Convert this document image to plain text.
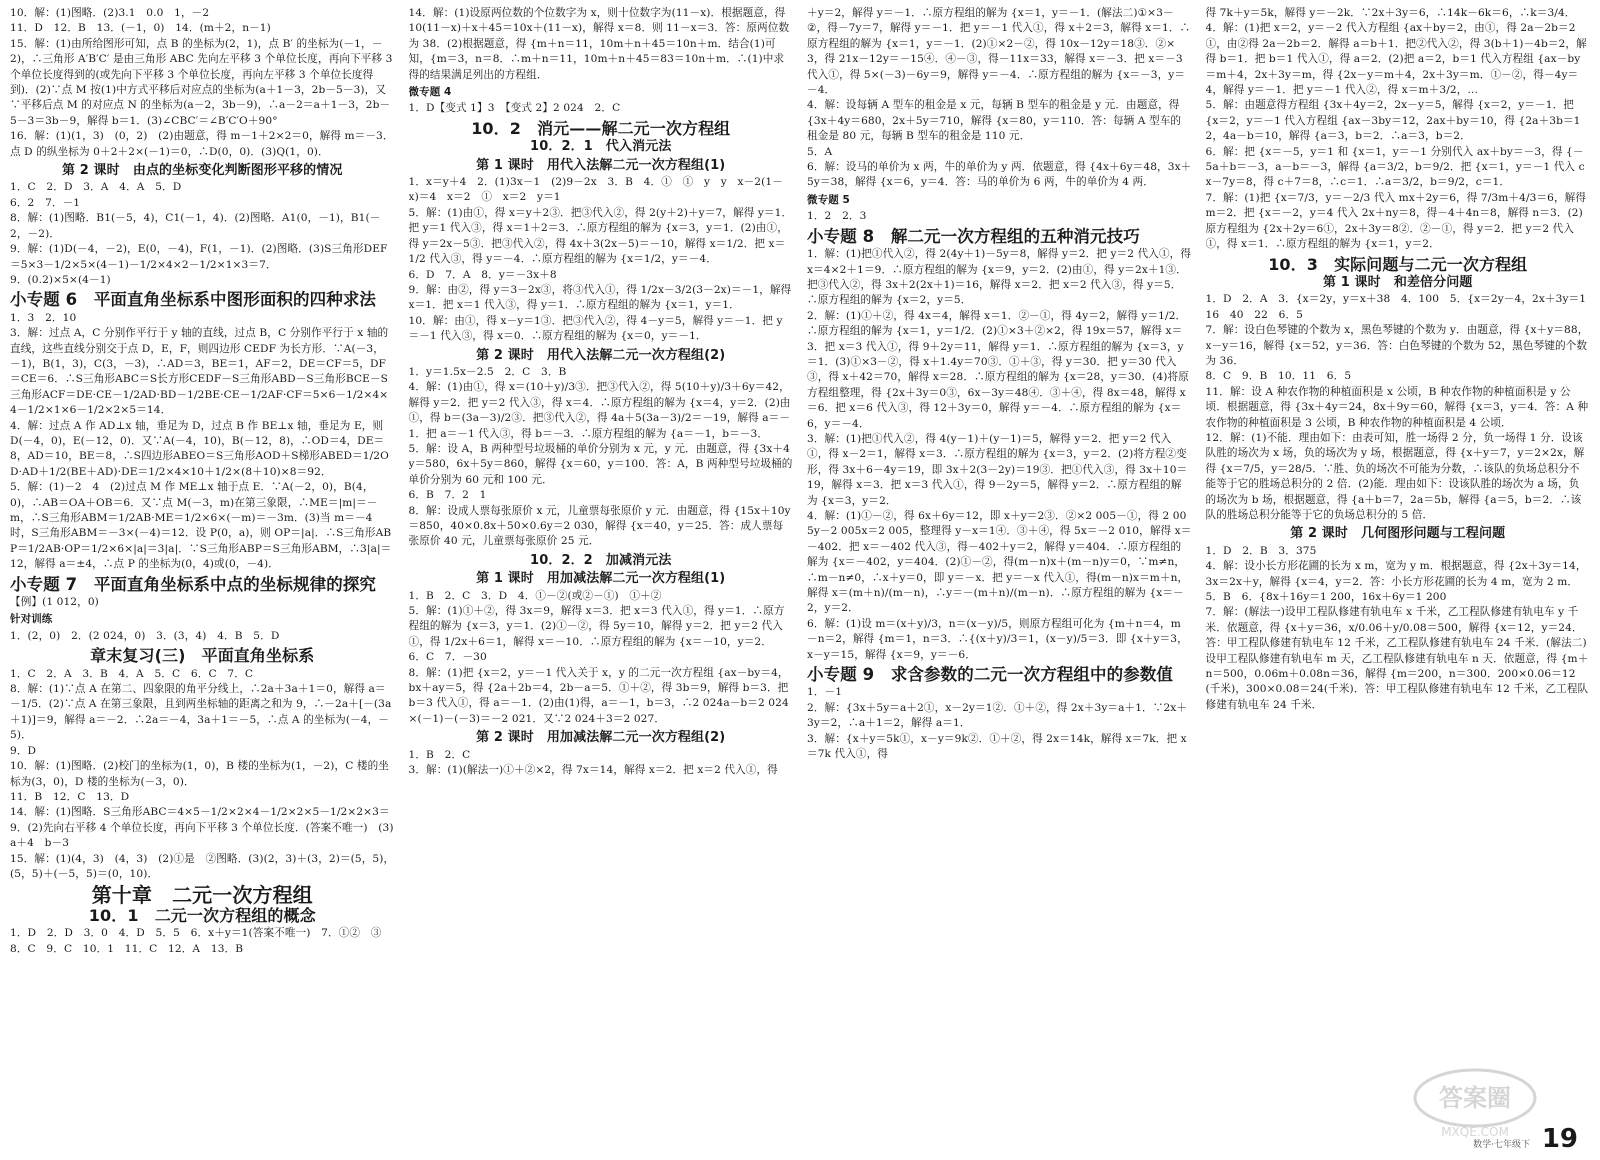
10．解：(1)图略．(2)3.1　0.0　1，－2
11．D　12．B　13．(－1，0)　14．(m＋2，n－1)
15．解：(1)由所给图形可知，点 B 的坐标为(2，1)，点 B′ 的坐标为(－1，－2)，∴三角形 A′B′C′ 是由三角形 ABC 先向左平移 3 个单位长度，再向下平移 3 个单位长度得到的(或先向下平移 3 个单位长度，再向左平移 3 个单位长度得到)．(2)∵点 M 按(1)中方式平移后对应点的坐标为(a＋1－3，2b－5－3)，又∵平移后点 M 的对应点 N 的坐标为(a－2，3b－9)，∴a－2＝a＋1－3，2b－5－3＝3b－9，解得 b＝1．(3)∠CBC′＝∠B′C′O＋90°
16．解：(1)(1，3)　(0，2)　(2)由题意，得 m－1＋2×2＝0，解得 m＝－3．点 D 的纵坐标为 0＋2＋2×(－1)＝0，∴D(0，0)．(3)Q(1，0)．
第 2 课时　由点的坐标变化判断图形平移的情况
1．C　2．D　3．A　4．A　5．D
6．2　7．－1
8．解：(1)图略．B1(－5，4)，C1(－1，4)．(2)图略．A1(0，－1)，B1(－2，－2)．
9．解：(1)D(－4，－2)，E(0，－4)，F(1，－1)．(2)图略．(3)S三角形DEF＝5×3－1/2×5×(4－1)－1/2×4×2－1/2×1×3＝7．
9．(0.2)×5×(4－1)
小专题 6　平面直角坐标系中图形面积的四种求法
1．3　2．10
3．解：过点 A，C 分别作平行于 y 轴的直线，过点 B，C 分别作平行于 x 轴的直线，这些直线分别交于点 D，E，F，则四边形 CEDF 为长方形．∵A(－3，－1)，B(1，3)，C(3，－3)，∴AD＝3，BE＝1，AF＝2，DE＝CF＝5，DF＝CE＝6．∴S三角形ABC＝S长方形CEDF－S三角形ABD－S三角形BCE－S三角形ACF＝DE·CE－1/2AD·BD－1/2BE·CE－1/2AF·CF＝5×6－1/2×4×4－1/2×1×6－1/2×2×5＝14．
4．解：过点 A 作 AD⊥x 轴，垂足为 D，过点 B 作 BE⊥x 轴，垂足为 E，则 D(－4，0)，E(－12，0)．又∵A(－4，10)，B(－12，8)，∴OD＝4，DE＝8，AD＝10，BE＝8，∴S四边形ABEO＝S三角形AOD＋S梯形ABED＝1/2OD·AD＋1/2(BE＋AD)·DE＝1/2×4×10＋1/2×(8＋10)×8＝92．
5．解：(1)－2　4　(2)过点 M 作 ME⊥x 轴于点 E．∵A(－2，0)，B(4，0)，∴AB＝OA＋OB＝6．又∵点 M(－3，m)在第三象限，∴ME＝|m|＝－m，∴S三角形ABM＝1/2AB·ME＝1/2×6×(－m)＝－3m．(3)当 m＝－4 时，S三角形ABM＝－3×(－4)＝12．设 P(0，a)，则 OP＝|a|．∴S三角形ABP＝1/2AB·OP＝1/2×6×|a|＝3|a|．∵S三角形ABP＝S三角形ABM，∴3|a|＝12，解得 a＝±4，∴点 P 的坐标为(0，4)或(0，－4)．
小专题 7　平面直角坐标系中点的坐标规律的探究
【例】(1 012，0)
针对训练
1．(2，0)　2．(2 024，0)　3．(3，4)　4．B　5．D
章末复习(三)　平面直角坐标系
1．C　2．A　3．B　4．A　5．C　6．C　7．C
8．解：(1)∵点 A 在第二、四象限的角平分线上，∴2a＋3a＋1＝0，解得 a＝－1/5．(2)∵点 A 在第三象限，且到两坐标轴的距离之和为 9，∴－2a＋[－(3a＋1)]＝9，解得 a＝－2．∴2a＝－4，3a＋1＝－5，∴点 A 的坐标为(－4，－5)．
9．D
10．解：(1)图略．(2)校门的坐标为(1，0)，B 楼的坐标为(1，－2)，C 楼的坐标为(3，0)，D 楼的坐标为(－3，0)．
11．B　12．C　13．D
14．解：(1)图略．S三角形ABC＝4×5－1/2×2×4－1/2×2×5－1/2×2×3＝9．(2)先向右平移 4 个单位长度，再向下平移 3 个单位长度．(答案不唯一)　(3)a＋4　b－3
15．解：(1)(4，3)　(4，3)　(2)①是　②图略．(3)(2，3)＋(3，2)＝(5，5)，(5，5)＋(－5，5)＝(0，10)．
第十章　二元一次方程组
10．1　二元一次方程组的概念
1．D　2．D　3．0　4．D　5．5　6．x＋y＝1(答案不唯一)　7．①②　③　8．C　9．C　10．1　11．C　12．A　13．B
14．解：(1)设原两位数的个位数字为 x，则十位数字为(11－x)．根据题意，得 10(11－x)＋x＋45＝10x＋(11－x)，解得 x＝8．则 11－x＝3．答：原两位数为 38．(2)根据题意，得 {m＋n＝11，10m＋n＋45＝10n＋m．结合(1)可知，{m＝3，n＝8．∴m＋n＝11，10m＋n＋45＝83＝10n＋m．∴(1)中求得的结果满足列出的方程组．
微专题 4
1．D【变式 1】3　【变式 2】2 024　2．C
10．2　消元——解二元一次方程组
10．2．1　代入消元法
第 1 课时　用代入法解二元一次方程组(1)
1．x＝y＋4　2．(1)3x－1　(2)9－2x　3．B　4．①　①　y　y　x－2(1－x)＝4　x＝2　①　x＝2　y＝1
5．解：(1)由①，得 x＝y＋2③．把③代入②，得 2(y＋2)＋y＝7，解得 y＝1．把 y＝1 代入③，得 x＝1＋2＝3．∴原方程组的解为 {x＝3，y＝1．(2)由①，得 y＝2x－5③．把③代入②，得 4x＋3(2x－5)＝－10，解得 x＝1/2．把 x＝1/2 代入③，得 y＝－4．∴原方程组的解为 {x＝1/2，y＝－4．
6．D　7．A　8．y＝－3x＋8
9．解：由②，得 y＝3－2x③，将③代入①，得 1/2x－3/2(3－2x)＝－1，解得 x＝1．把 x＝1 代入③，得 y＝1．∴原方程组的解为 {x＝1，y＝1．
10．解：由①，得 x－y＝1③．把③代入②，得 4－y＝5，解得 y＝－1．把 y＝－1 代入③，得 x＝0．∴原方程组的解为 {x＝0，y＝－1．
第 2 课时　用代入法解二元一次方程组(2)
1．y＝1.5x－2.5　2．C　3．B
4．解：(1)由①，得 x＝(10＋y)/3③．把③代入②，得 5(10＋y)/3＋6y＝42，解得 y＝2．把 y＝2 代入③，得 x＝4．∴原方程组的解为 {x＝4，y＝2．(2)由①，得 b＝(3a－3)/2③．把③代入②，得 4a＋5(3a－3)/2＝－19，解得 a＝－1．把 a＝－1 代入③，得 b＝－3．∴原方程组的解为 {a＝－1，b＝－3．
5．解：设 A，B 两种型号垃圾桶的单价分别为 x 元，y 元．由题意，得 {3x＋4y＝580，6x＋5y＝860，解得 {x＝60，y＝100．答：A，B 两种型号垃圾桶的单价分别为 60 元和 100 元．
6．B　7．2　1
8．解：设成人票每张原价 x 元，儿童票每张原价 y 元．由题意，得 {15x＋10y＝850，40×0.8x＋50×0.6y＝2 030，解得 {x＝40，y＝25．答：成人票每张原价 40 元，儿童票每张原价 25 元．
10．2．2　加减消元法
第 1 课时　用加减法解二元一次方程组(1)
1．B　2．C　3．D　4．①－②(或②－①)　①＋②
5．解：(1)①＋②，得 3x＝9，解得 x＝3．把 x＝3 代入①，得 y＝1．∴原方程组的解为 {x＝3，y＝1．(2)①－②，得 5y＝10，解得 y＝2．把 y＝2 代入①，得 1/2x＋6＝1，解得 x＝－10．∴原方程组的解为 {x＝－10，y＝2．
6．C　7．－30
8．解：(1)把 {x＝2，y＝－1 代入关于 x，y 的二元一次方程组 {ax－by＝4，bx＋ay＝5，得 {2a＋2b＝4，2b－a＝5．①＋②，得 3b＝9，解得 b＝3．把 b＝3 代入①，得 a＝－1．(2)由(1)得，a＝－1，b＝3，∴2 024a－b＝2 024×(－1)－(－3)＝－2 021．又∵2 024＋3＝2 027．
第 2 课时　用加减法解二元一次方程组(2)
1．B　2．C
3．解：(1)(解法一)①＋②×2，得 7x＝14，解得 x＝2．把 x＝2 代入①，得
＋y＝2，解得 y＝－1．∴原方程组的解为 {x＝1，y＝－1．(解法二)①×3－②，得－7y＝7，解得 y＝－1．把 y＝－1 代入①，得 x＋2＝3，解得 x＝1．∴原方程组的解为 {x＝1，y＝－1．(2)①×2－②，得 10x－12y＝18③．②×3，得 21x－12y＝－15④．④－③，得－11x＝33，解得 x＝－3．把 x＝－3 代入①，得 5×(－3)－6y＝9，解得 y＝－4．∴原方程组的解为 {x＝－3，y＝－4．
4．解：设每辆 A 型车的租金是 x 元，每辆 B 型车的租金是 y 元．由题意，得 {3x＋4y＝680，2x＋5y＝710，解得 {x＝80，y＝110．答：每辆 A 型车的租金是 80 元，每辆 B 型车的租金是 110 元．
5．A
6．解：设马的单价为 x 两，牛的单价为 y 两．依题意，得 {4x＋6y＝48，3x＋5y＝38，解得 {x＝6，y＝4．答：马的单价为 6 两，牛的单价为 4 两．
微专题 5
1．2　2．3
小专题 8　解二元一次方程组的五种消元技巧
1．解：(1)把①代入②，得 2(4y＋1)－5y＝8，解得 y＝2．把 y＝2 代入①，得 x＝4×2＋1＝9．∴原方程组的解为 {x＝9，y＝2．(2)由①，得 y＝2x＋1③．把③代入②，得 3x＋2(2x＋1)＝16，解得 x＝2．把 x＝2 代入③，得 y＝5．∴原方程组的解为 {x＝2，y＝5．
2．解：(1)①＋②，得 4x＝4，解得 x＝1．②－①，得 4y＝2，解得 y＝1/2．∴原方程组的解为 {x＝1，y＝1/2．(2)①×3＋②×2，得 19x＝57，解得 x＝3．把 x＝3 代入①，得 9＋2y＝11，解得 y＝1．∴原方程组的解为 {x＝3，y＝1．(3)①×3－②，得 x＋1.4y＝70③．①＋③，得 y＝30．把 y＝30 代入③，得 x＋42＝70，解得 x＝28．∴原方程组的解为 {x＝28，y＝30．(4)将原方程组整理，得 {2x＋3y＝0③，6x－3y＝48④．③＋④，得 8x＝48，解得 x＝6．把 x＝6 代入③，得 12＋3y＝0，解得 y＝－4．∴原方程组的解为 {x＝6，y＝－4．
3．解：(1)把①代入②，得 4(y－1)＋(y－1)＝5，解得 y＝2．把 y＝2 代入①，得 x－2＝1，解得 x＝3．∴原方程组的解为 {x＝3，y＝2．(2)将方程②变形，得 3x＋6－4y＝19，即 3x＋2(3－2y)＝19③．把①代入③，得 3x＋10＝19，解得 x＝3．把 x＝3 代入①，得 9－2y＝5，解得 y＝2．∴原方程组的解为 {x＝3，y＝2．
4．解：(1)①－②，得 6x＋6y＝12，即 x＋y＝2③．②×2 005－①，得 2 005y－2 005x＝2 005，整理得 y－x＝1④．③＋④，得 5x＝－2 010，解得 x＝－402．把 x＝－402 代入③，得－402＋y＝2，解得 y＝404．∴原方程组的解为 {x＝－402，y＝404．(2)①－②，得(m－n)x＋(m－n)y＝0，∵m≠n，∴m－n≠0，∴x＋y＝0，即 y＝－x．把 y＝－x 代入①，得(m－n)x＝m＋n，解得 x＝(m＋n)/(m－n)，∴y＝－(m＋n)/(m－n)．∴原方程组的解为 {x＝－2，y＝2．
6．解：(1)设 m＝(x＋y)/3，n＝(x－y)/5，则原方程组可化为 {m＋n＝4，m－n＝2，解得 {m＝1，n＝3．∴{(x＋y)/3＝1，(x－y)/5＝3．即 {x＋y＝3，x－y＝15，解得 {x＝9，y＝－6．
小专题 9　求含参数的二元一次方程组中的参数值
1．－1
2．解：{3x＋5y＝a＋2①，x－2y＝1②．①＋②，得 2x＋3y＝a＋1．∵2x＋3y＝2，∴a＋1＝2，解得 a＝1．
3．解：{x＋y＝5k①，x－y＝9k②．①＋②，得 2x＝14k，解得 x＝7k．把 x＝7k 代入①，得
得 7k＋y＝5k，解得 y＝－2k．∵2x＋3y＝6，∴14k－6k＝6，∴k＝3/4．
4．解：(1)把 x＝2，y＝－2 代入方程组 {ax＋by＝2，由①，得 2a－2b＝2①，由②得 2a－2b＝2．解得 a＝b＋1．把②代入②，得 3(b＋1)－4b＝2，解得 b＝1．把 b＝1 代入①，得 a＝2．(2)把 a＝2，b＝1 代入方程组 {ax－by＝m＋4，2x＋3y＝m，得 {2x－y＝m＋4，2x＋3y＝m．①－②，得－4y＝4，解得 y＝－1．把 y＝－1 代入②，得 x＝m＋3/2，…
5．解：由题意得方程组 {3x＋4y＝2，2x－y＝5，解得 {x＝2，y＝－1．把 {x＝2，y＝－1 代入方程组 {ax－3by＝12，2ax＋by＝10，得 {2a＋3b＝12，4a－b＝10，解得 {a＝3，b＝2．∴a＝3，b＝2．
6．解：把 {x＝－5，y＝1 和 {x＝1，y＝－1 分别代入 ax＋by＝－3，得 {－5a＋b＝－3，a－b＝－3，解得 {a＝3/2，b＝9/2．把 {x＝1，y＝－1 代入 cx－7y＝8，得 c＋7＝8，∴c＝1．∴a＝3/2，b＝9/2，c＝1．
7．解：(1)把 {x＝7/3，y＝－2/3 代入 mx＋2y＝6，得 7/3m＋4/3＝6，解得 m＝2．把 {x＝－2，y＝4 代入 2x＋ny＝8，得－4＋4n＝8，解得 n＝3．(2)原方程组为 {2x＋2y＝6①，2x＋3y＝8②．②－①，得 y＝2．把 y＝2 代入①，得 x＝1．∴原方程组的解为 {x＝1，y＝2．
10．3　实际问题与二元一次方程组
第 1 课时　和差倍分问题
1．D　2．A　3．{x＝2y，y＝x＋38　4．100　5．{x＝2y－4，2x＋3y＝116　40　22　6．5
7．解：设白色琴键的个数为 x，黑色琴键的个数为 y．由题意，得 {x＋y＝88，x－y＝16，解得 {x＝52，y＝36．答：白色琴键的个数为 52，黑色琴键的个数为 36．
8．C　9．B　10．11　6．5
11．解：设 A 种农作物的种植面积是 x 公顷，B 种农作物的种植面积是 y 公顷．根据题意，得 {3x＋4y＝24，8x＋9y＝60，解得 {x＝3，y＝4．答：A 种农作物的种植面积是 3 公顷，B 种农作物的种植面积是 4 公顷．
12．解：(1)不能．理由如下：由表可知，胜一场得 2 分，负一场得 1 分．设该队胜的场次为 x 场，负的场次为 y 场，根据题意，得 {x＋y＝7，y＝2×2x，解得 {x＝7/5，y＝28/5．∵胜、负的场次不可能为分数，∴该队的负场总积分不能等于它的胜场总积分的 2 倍．(2)能．理由如下：设该队胜的场次为 a 场，负的场次为 b 场，根据题意，得 {a＋b＝7，2a＝5b，解得 {a＝5，b＝2．∴该队的胜场总积分能等于它的负场总积分的 5 倍．
第 2 课时　几何图形问题与工程问题
1．D　2．B　3．375
4．解：设小长方形花圃的长为 x m，宽为 y m．根据题意，得 {2x＋3y＝14，3x＝2x＋y，解得 {x＝4，y＝2．答：小长方形花圃的长为 4 m，宽为 2 m．
5．B　6．{8x＋16y＝1 200，16x＋6y＝1 200
7．解：(解法一)设甲工程队修建有轨电车 x 千米，乙工程队修建有轨电车 y 千米．依题意，得 {x＋y＝36，x/0.06＋y/0.08＝500，解得 {x＝12，y＝24．答：甲工程队修建有轨电车 12 千米，乙工程队修建有轨电车 24 千米．(解法二)设甲工程队修建有轨电车 m 天，乙工程队修建有轨电车 n 天．依题意，得 {m＋n＝500，0.06m＋0.08n＝36，解得 {m＝200，n＝300．200×0.06＝12(千米)，300×0.08＝24(千米)．答：甲工程队修建有轨电车 12 千米，乙工程队修建有轨电车 24 千米．
答案圈
MXQE.COM
数学·七年级下 19
